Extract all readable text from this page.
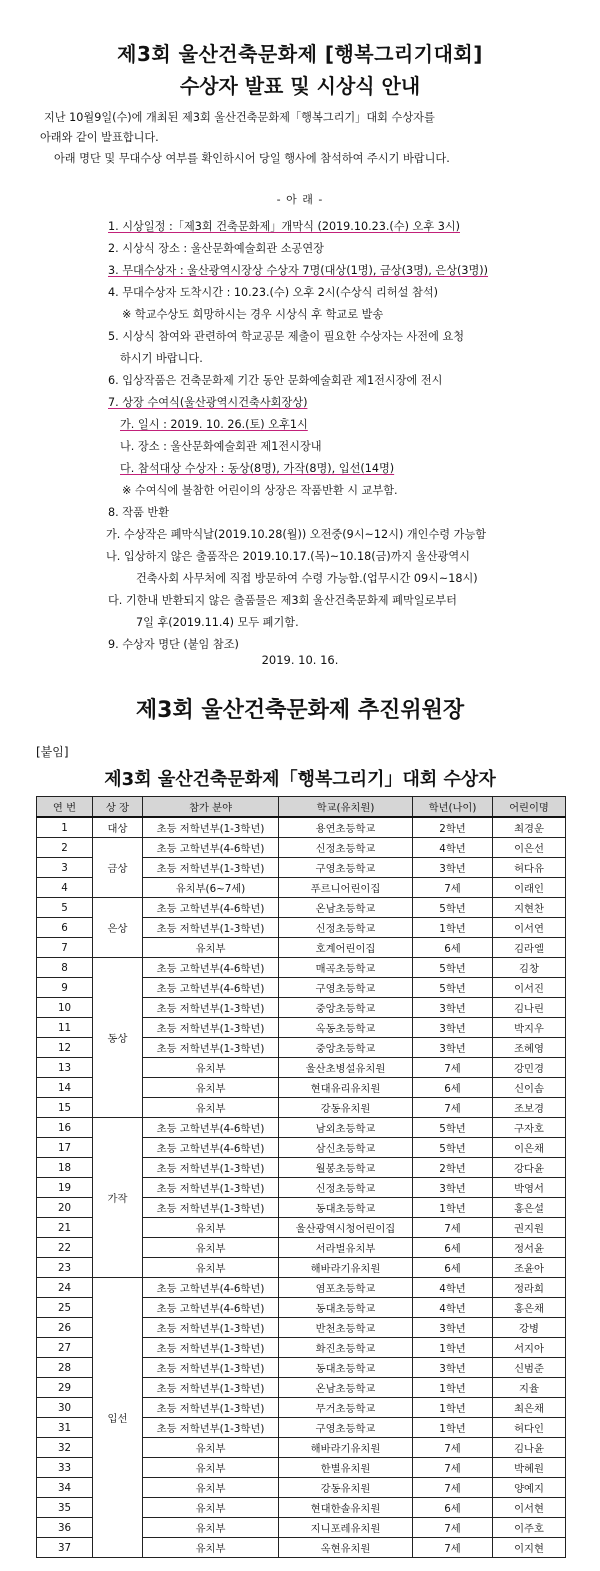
제3회 울산건축문화제 [행복그리기대회]
수상자 발표 및 시상식 안내
지난 10월9일(수)에 개최된 제3회 울산건축문화제「행복그리기」대회 수상자를
아래와 같이 발표합니다.
아래 명단 및 무대수상 여부를 확인하시어 당일 행사에 참석하여 주시기 바랍니다.
- 아 래 -
1. 시상일정 :「제3회 건축문화제」개막식 (2019.10.23.(수) 오후 3시)
2. 시상식 장소 : 울산문화예술회관 소공연장
3. 무대수상자 : 울산광역시장상 수상자 7명(대상(1명), 금상(3명), 은상(3명))
4. 무대수상자 도착시간 : 10.23.(수) 오후 2시(수상식 리허설 참석)
※ 학교수상도 희망하시는 경우 시상식 후 학교로 발송
5. 시상식 참여와 관련하여 학교공문 제출이 필요한 수상자는 사전에 요청
하시기 바랍니다.
6. 입상작품은 건축문화제 기간 동안 문화예술회관 제1전시장에 전시
7. 상장 수여식(울산광역시건축사회장상)
가. 일시 : 2019. 10. 26.(토) 오후1시
나. 장소 : 울산문화예술회관 제1전시장내
다. 참석대상 수상자 : 동상(8명), 가작(8명), 입선(14명)
※ 수여식에 불참한 어린이의 상장은 작품반환 시 교부함.
8. 작품 반환
가. 수상작은 폐막식날(2019.10.28(월)) 오전중(9시~12시) 개인수령 가능함
나. 입상하지 않은 출품작은 2019.10.17.(목)~10.18(금)까지 울산광역시
건축사회 사무처에 직접 방문하여 수령 가능함.(업무시간 09시~18시)
다. 기한내 반환되지 않은 출품물은 제3회 울산건축문화제 폐막일로부터
7일 후(2019.11.4) 모두 폐기함.
9. 수상자 명단 (붙임 참조)
2019. 10. 16.
제3회 울산건축문화제 추진위원장
[붙임]
제3회 울산건축문화제「행복그리기」대회 수상자
연 번	상 장	참가 분야	학교(유치원)	학년(나이)	어린이명
1	대상	초등 저학년부(1-3학년)	용연초등학교	2학년	최경운
2	금상	초등 고학년부(4-6학년)	신정초등학교	4학년	이은선
3		초등 저학년부(1-3학년)	구영초등학교	3학년	허다유
4		유치부(6~7세)	푸르니어린이집	7세	이래인
5	은상	초등 고학년부(4-6학년)	온남초등학교	5학년	지현찬
6		초등 저학년부(1-3학년)	신정초등학교	1학년	이서연
7		유치부	호계어린이집	6세	김라엘
8	동상	초등 고학년부(4-6학년)	매곡초등학교	5학년	김창
9		초등 고학년부(4-6학년)	구영초등학교	5학년	이서진
10		초등 저학년부(1-3학년)	중앙초등학교	3학년	김나린
11		초등 저학년부(1-3학년)	옥동초등학교	3학년	박지우
12		초등 저학년부(1-3학년)	중앙초등학교	3학년	조혜영
13		유치부	울산초병설유치원	7세	강민경
14		유치부	현대유리유치원	6세	신이솜
15		유치부	강동유치원	7세	조보경
16	가작	초등 고학년부(4-6학년)	남외초등학교	5학년	구자호
17		초등 고학년부(4-6학년)	삼신초등학교	5학년	이은채
18		초등 저학년부(1-3학년)	월봉초등학교	2학년	강다윤
19		초등 저학년부(1-3학년)	신정초등학교	3학년	박영서
20		초등 저학년부(1-3학년)	동대초등학교	1학년	홍은설
21		유치부	울산광역시청어린이집	7세	권지원
22		유치부	서라벌유치부	6세	정서윤
23		유치부	해바라기유치원	6세	조윤아
24	입선	초등 고학년부(4-6학년)	염포초등학교	4학년	정라희
25		초등 고학년부(4-6학년)	동대초등학교	4학년	홍은채
26		초등 저학년부(1-3학년)	반천초등학교	3학년	강병
27		초등 저학년부(1-3학년)	화진초등학교	1학년	서지아
28		초등 저학년부(1-3학년)	동대초등학교	3학년	신범준
29		초등 저학년부(1-3학년)	온남초등학교	1학년	지율
30		초등 저학년부(1-3학년)	무거초등학교	1학년	최은채
31		초등 저학년부(1-3학년)	구영초등학교	1학년	허다인
32		유치부	해바라기유치원	7세	김나윤
33		유치부	한별유치원	7세	박혜원
34		유치부	강동유치원	7세	양예지
35		유치부	현대한솔유치원	6세	이서현
36		유치부	지니포레유치원	7세	이주호
37		유치부	옥현유치원	7세	이지현
